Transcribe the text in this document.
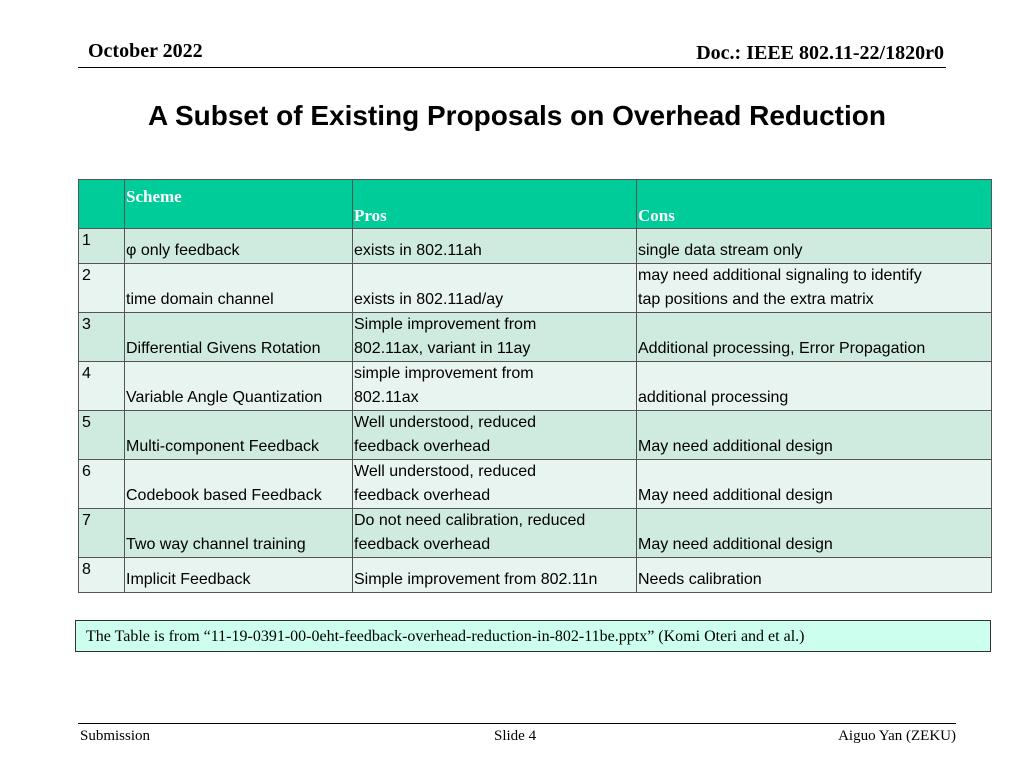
October 2022	Doc.: IEEE 802.11-22/1820r0
A Subset of Existing Proposals on Overhead Reduction
	Scheme	Pros	Cons
1	φ only feedback	exists in 802.11ah	single data stream only

2	time domain channel	exists in 802.11ad/ay	may need additional signaling to identify
tap positions and the extra matrix

3	Differential Givens Rotation	Simple improvement from
802.11ax, variant in 11ay	Additional processing, Error Propagation

4	Variable Angle Quantization	simple improvement from
802.11ax	additional processing

5	Multi-component Feedback	Well understood, reduced
feedback overhead	May need additional design

6	Codebook based Feedback	Well understood, reduced
feedback overhead	May need additional design

7	Two way channel training	Do not need calibration, reduced
feedback overhead	May need additional design

8	Implicit Feedback	Simple improvement from 802.11n	Needs calibration
The Table is from “11-19-0391-00-0eht-feedback-overhead-reduction-in-802-11be.pptx” (Komi Oteri and et al.)
Submission	Slide 4	Aiguo Yan (ZEKU)
